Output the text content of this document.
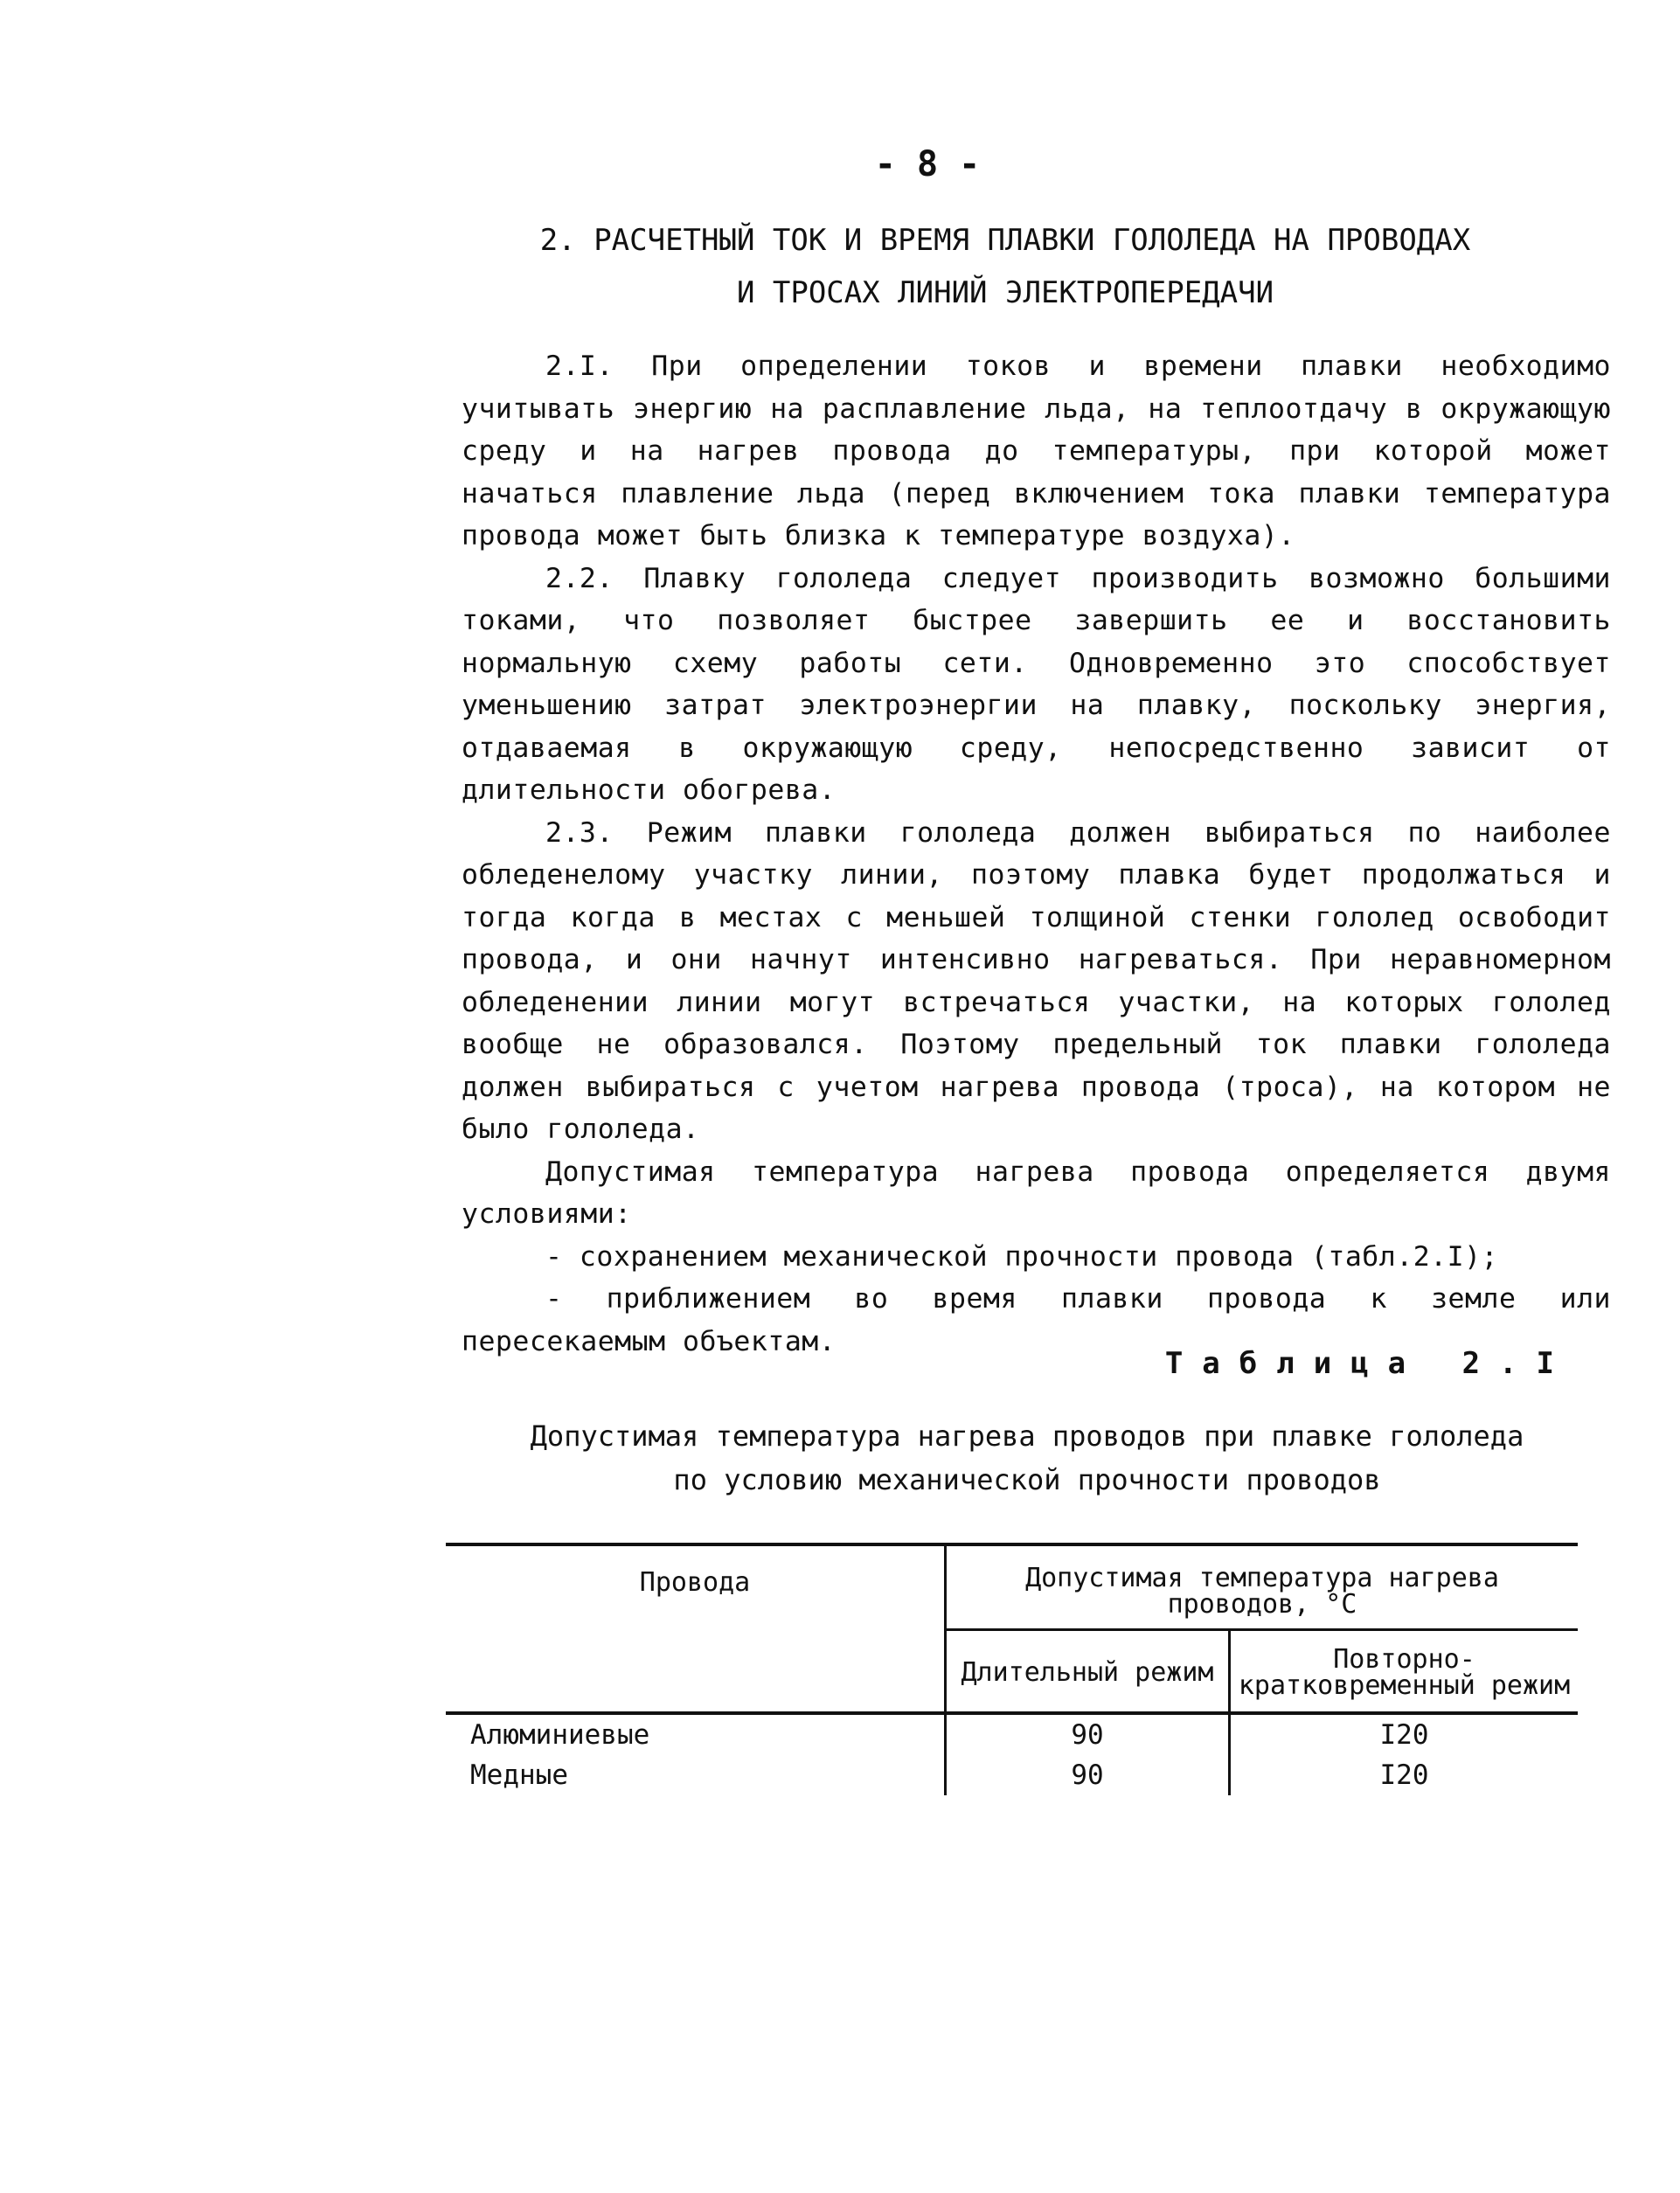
- 8 -
2. РАСЧЕТНЫЙ ТОК И ВРЕМЯ ПЛАВКИ ГОЛОЛЕДА НА ПРОВОДАХ
И ТРОСАХ ЛИНИЙ ЭЛЕКТРОПЕРЕДАЧИ

2.I. При определении токов и времени плавки необходимо учитывать энергию на расплавление льда, на теплоотдачу в окружающую среду и на нагрев провода до температуры, при которой может начаться плавление льда (перед включением тока плавки температура провода может быть близка к температуре воздуха).

2.2. Плавку гололеда следует производить возможно большими токами, что позволяет быстрее завершить ее и восстановить нормальную схему работы сети. Одновременно это способствует уменьшению затрат электроэнергии на плавку, поскольку энергия, отдаваемая в окружающую среду, непосредственно зависит от длительности обогрева.

2.3. Режим плавки гололеда должен выбираться по наиболее обледенелому участку линии, поэтому плавка будет продолжаться и тогда когда в местах с меньшей толщиной стенки гололед освободит провода, и они начнут интенсивно нагреваться. При неравномерном обледенении линии могут встречаться участки, на которых гололед вообще не образовался. Поэтому предельный ток плавки гололеда должен выбираться с учетом нагрева провода (троса), на котором не было гололеда.

Допустимая температура нагрева провода определяется двумя условиями:

- сохранением механической прочности провода (табл.2.I);

- приближением во время плавки провода к земле или пересекаемым объектам.

Таблица 2.I
Допустимая температура нагрева проводов при плавке гололеда
по условию механической прочности проводов
Провода	Допустимая температура нагрева проводов, °С	
	Длительный режим	Повторно-кратковременный режим
Алюминиевые	90	I20
Медные	90	I20
